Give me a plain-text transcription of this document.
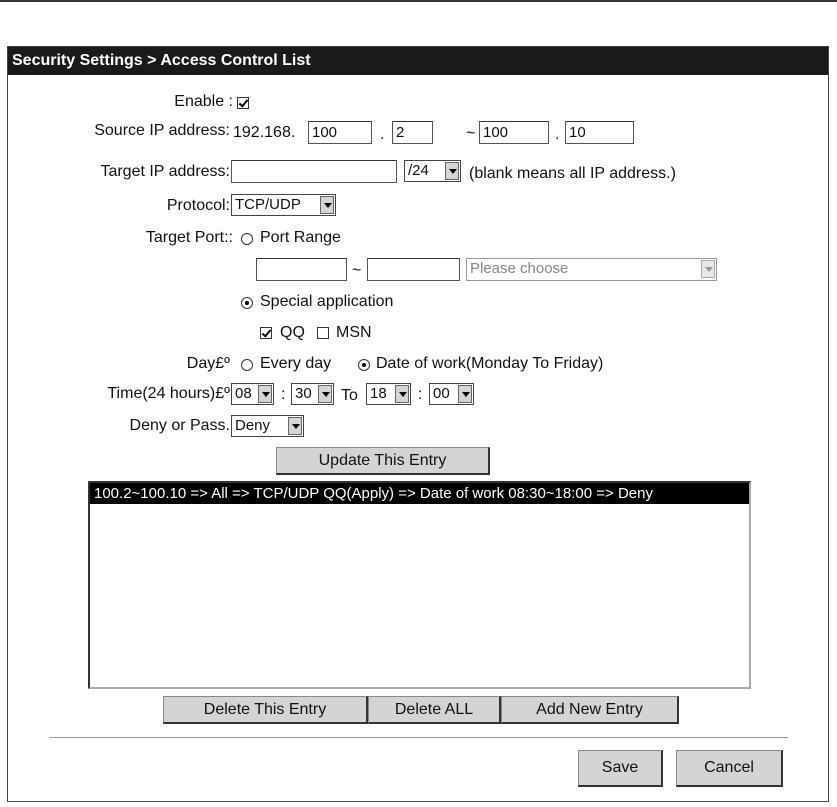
Security Settings > Access Control List
Enable :
Source IP address: 192.168. 100	. 2	~ 100	. 10
Target IP address:	/24	(blank means all IP address.)
Protocol: TCP/UDP
Target Port:: Port Range
~	Please choose
Special application
QQ MSN
Day£º Every day	Date of work(Monday To Friday)
Time(24 hours)£º 08	: 30	To 18	: 00
Deny or Pass. Deny
Update This Entry
100.2~100.10 => All => TCP/UDP QQ(Apply) => Date of work 08:30~18:00 => Deny
Delete This Entry	Delete ALL	Add New Entry
Save	Cancel
